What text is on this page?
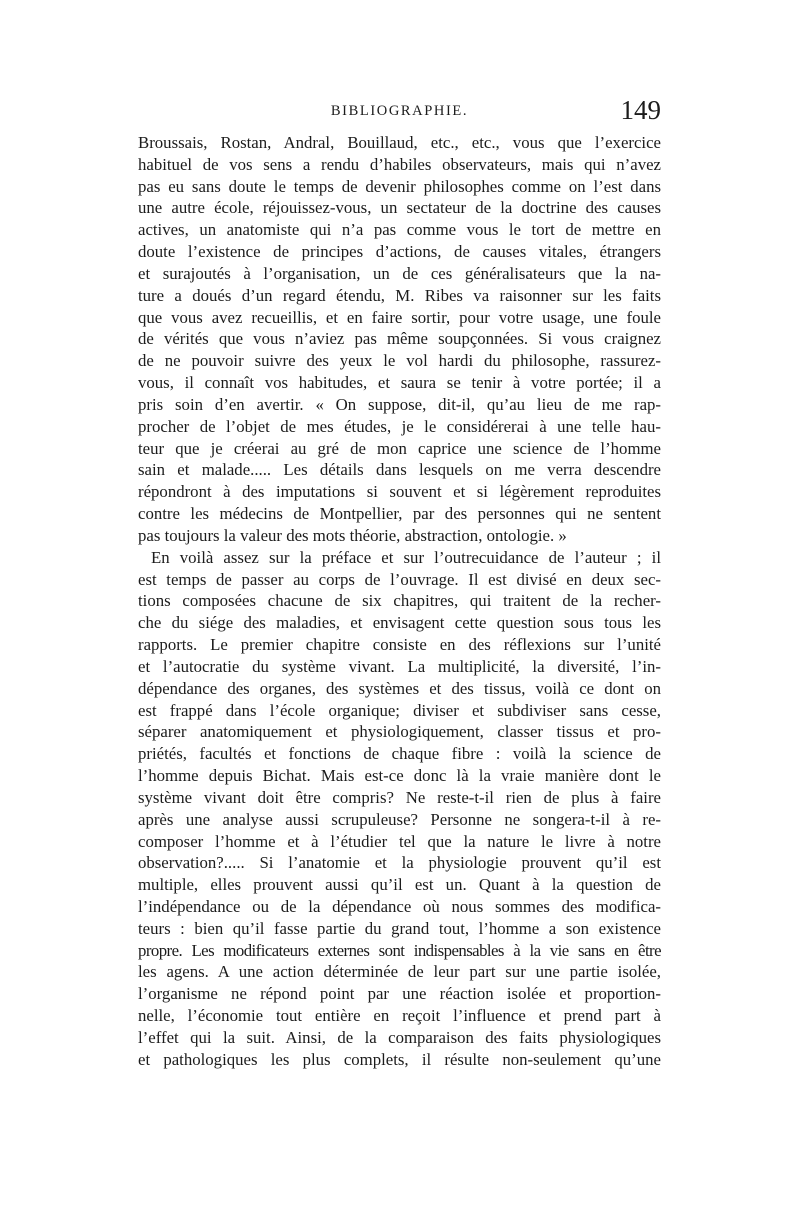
BIBLIOGRAPHIE.	149
Broussais, Rostan, Andral, Bouillaud, etc., etc., vous que l’exercice
habituel de vos sens a rendu d’habiles observateurs, mais qui n’avez
pas eu sans doute le temps de devenir philosophes comme on l’est dans
une autre école, réjouissez-vous, un sectateur de la doctrine des causes
actives, un anatomiste qui n’a pas comme vous le tort de mettre en
doute l’existence de principes d’actions, de causes vitales, étrangers
et surajoutés à l’organisation, un de ces généralisateurs que la na-
ture a doués d’un regard étendu, M. Ribes va raisonner sur les faits
que vous avez recueillis, et en faire sortir, pour votre usage, une foule
de vérités que vous n’aviez pas même soupçonnées. Si vous craignez
de ne pouvoir suivre des yeux le vol hardi du philosophe, rassurez-
vous, il connaît vos habitudes, et saura se tenir à votre portée; il a
pris soin d’en avertir. « On suppose, dit-il, qu’au lieu de me rap-
procher de l’objet de mes études, je le considérerai à une telle hau-
teur que je créerai au gré de mon caprice une science de l’homme
sain et malade..... Les détails dans lesquels on me verra descendre
répondront à des imputations si souvent et si légèrement reproduites
contre les médecins de Montpellier, par des personnes qui ne sentent
pas toujours la valeur des mots théorie, abstraction, ontologie. »
En voilà assez sur la préface et sur l’outrecuidance de l’auteur ; il
est temps de passer au corps de l’ouvrage. Il est divisé en deux sec-
tions composées chacune de six chapitres, qui traitent de la recher-
che du siége des maladies, et envisagent cette question sous tous les
rapports. Le premier chapitre consiste en des réflexions sur l’unité
et l’autocratie du système vivant. La multiplicité, la diversité, l’in-
dépendance des organes, des systèmes et des tissus, voilà ce dont on
est frappé dans l’école organique; diviser et subdiviser sans cesse,
séparer anatomiquement et physiologiquement, classer tissus et pro-
priétés, facultés et fonctions de chaque fibre : voilà la science de
l’homme depuis Bichat. Mais est-ce donc là la vraie manière dont le
système vivant doit être compris? Ne reste-t-il rien de plus à faire
après une analyse aussi scrupuleuse? Personne ne songera-t-il à re-
composer l’homme et à l’étudier tel que la nature le livre à notre
observation?..... Si l’anatomie et la physiologie prouvent qu’il est
multiple, elles prouvent aussi qu’il est un. Quant à la question de
l’indépendance ou de la dépendance où nous sommes des modifica-
teurs : bien qu’il fasse partie du grand tout, l’homme a son existence
propre. Les modificateurs externes sont indispensables à la vie sans en être
les agens. A une action déterminée de leur part sur une partie isolée,
l’organisme ne répond point par une réaction isolée et proportion-
nelle, l’économie tout entière en reçoit l’influence et prend part à
l’effet qui la suit. Ainsi, de la comparaison des faits physiologiques
et pathologiques les plus complets, il résulte non-seulement qu’une
